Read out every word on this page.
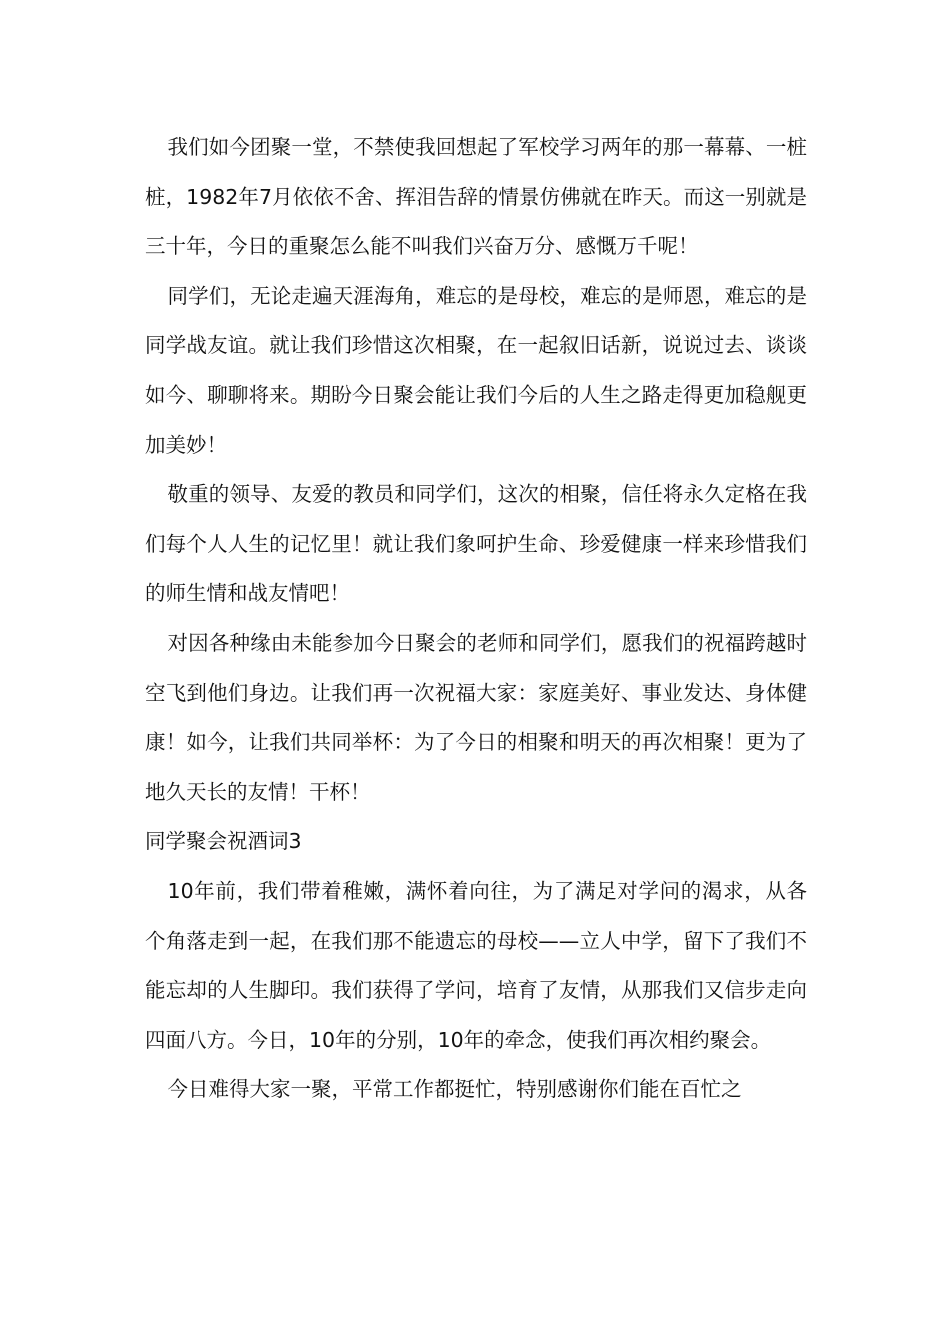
我们如今团聚一堂，不禁使我回想起了军校学习两年的那一幕幕、一桩桩，1982年7月依依不舍、挥泪告辞的情景仿佛就在昨天。而这一别就是三十年，今日的重聚怎么能不叫我们兴奋万分、感慨万千呢！

同学们，无论走遍天涯海角，难忘的是母校，难忘的是师恩，难忘的是同学战友谊。就让我们珍惜这次相聚，在一起叙旧话新，说说过去、谈谈如今、聊聊将来。期盼今日聚会能让我们今后的人生之路走得更加稳舰更加美妙！

敬重的领导、友爱的教员和同学们，这次的相聚，信任将永久定格在我们每个人人生的记忆里！就让我们象呵护生命、珍爱健康一样来珍惜我们的师生情和战友情吧！

对因各种缘由未能参加今日聚会的老师和同学们，愿我们的祝福跨越时空飞到他们身边。让我们再一次祝福大家：家庭美好、事业发达、身体健康！如今，让我们共同举杯：为了今日的相聚和明天的再次相聚！更为了地久天长的友情！干杯！

同学聚会祝酒词3

10年前，我们带着稚嫩，满怀着向往，为了满足对学问的渴求，从各个角落走到一起，在我们那不能遗忘的母校——立人中学，留下了我们不能忘却的人生脚印。我们获得了学问，培育了友情，从那我们又信步走向四面八方。今日，10年的分别，10年的牵念，使我们再次相约聚会。

今日难得大家一聚，平常工作都挺忙，特别感谢你们能在百忙之
